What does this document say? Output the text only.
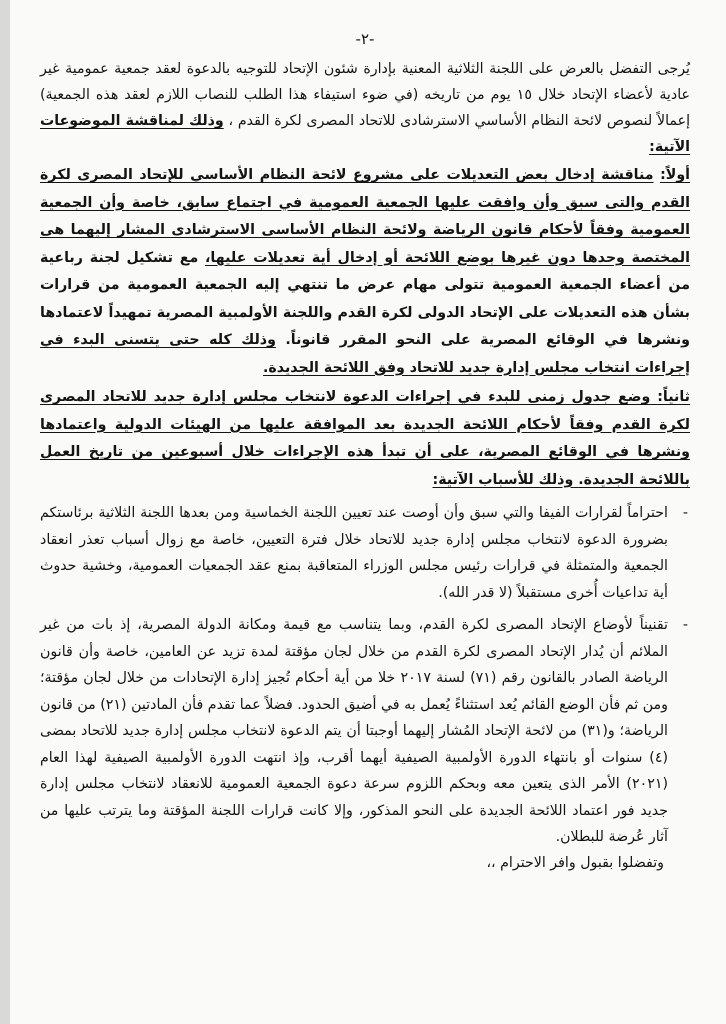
-٢-
يُرجى التفضل بالعرض على اللجنة الثلاثية المعنية بإدارة شئون الإتحاد للتوجيه بالدعوة لعقد جمعية عمومية غير عادية لأعضاء الإتحاد خلال ١٥ يوم من تاريخه (في ضوء استيفاء هذا الطلب للنصاب اللازم لعقد هذه الجمعية) إعمالاً لنصوص لائحة النظام الأساسي الاسترشادى للاتحاد المصرى لكرة القدم ، وذلك لمناقشة الموضوعات الآتية:
أولاً: مناقشة إدخال بعض التعديلات على مشروع لائحة النظام الأساسي للإتحاد المصرى لكرة القدم والتى سبق وأن وافقت عليها الجمعية العمومية في اجتماع سابق، خاصة وأن الجمعية العمومية وفقاً لأحكام قانون الرياضة ولائحة النظام الأساسى الاسترشادى المشار إليهما هى المختصة وحدها دون غيرها بوضع اللائحة أو إدخال أية تعديلات عليها، مع تشكيل لجنة رباعية من أعضاء الجمعية العمومية تتولى مهام عرض ما تنتهي إليه الجمعية العمومية من قرارات بشأن هذه التعديلات على الإتحاد الدولى لكرة القدم واللجنة الأولمبية المصرية تمهيداً لاعتمادها ونشرها في الوقائع المصرية على النحو المقرر قانوناً. وذلك كله حتى يتسنى البدء في إجراءات انتخاب مجلس إدارة جديد للاتحاد وفق اللائحة الجديدة.
ثانياً: وضع جدول زمنى للبدء في إجراءات الدعوة لانتخاب مجلس إدارة جديد للاتحاد المصرى لكرة القدم وفقاً لأحكام اللائحة الجديدة بعد الموافقة عليها من الهيئات الدولية واعتمادها ونشرها في الوقائع المصرية، على أن تبدأ هذه الإجراءات خلال أسبوعين من تاريخ العمل باللائحة الجديدة. وذلك للأسباب الآتية:
-
احتراماً لقرارات الفيفا والتي سبق وأن أوصت عند تعيين اللجنة الخماسية ومن بعدها اللجنة الثلاثية برئاستكم بضرورة الدعوة لانتخاب مجلس إدارة جديد للاتحاد خلال فترة التعيين، خاصة مع زوال أسباب تعذر انعقاد الجمعية والمتمثلة في قرارات رئيس مجلس الوزراء المتعاقبة بمنع عقد الجمعيات العمومية، وخشية حدوث أية تداعيات أُخرى مستقبلاً (لا قدر الله).
-
تقنيناً لأوضاع الإتحاد المصرى لكرة القدم، وبما يتناسب مع قيمة ومكانة الدولة المصرية، إذ بات من غير الملائم أن يُدار الإتحاد المصرى لكرة القدم من خلال لجان مؤقتة لمدة تزيد عن العامين، خاصة وأن قانون الرياضة الصادر بالقانون رقم (٧١) لسنة ٢٠١٧ خلا من أية أحكام تُجيز إدارة الإتحادات من خلال لجان مؤقتة؛ ومن ثم فأن الوضع القائم يُعد استثناءً يُعمل به في أضيق الحدود. فضلاً عما تقدم فأن المادتين (٢١) من قانون الرياضة؛ و(٣١) من لائحة الإتحاد المُشار إليهما أوجبتا أن يتم الدعوة لانتخاب مجلس إدارة جديد للاتحاد بمضى (٤) سنوات أو بانتهاء الدورة الأولمبية الصيفية أيهما أقرب، وإذ انتهت الدورة الأولمبية الصيفية لهذا العام (٢٠٢١) الأمر الذى يتعين معه وبحكم اللزوم سرعة دعوة الجمعية العمومية للانعقاد لانتخاب مجلس إدارة جديد فور اعتماد اللائحة الجديدة على النحو المذكور، وإلا كانت قرارات اللجنة المؤقتة وما يترتب عليها من آثار عُرضة للبطلان.
وتفضلوا بقبول وافر الاحترام ،،
